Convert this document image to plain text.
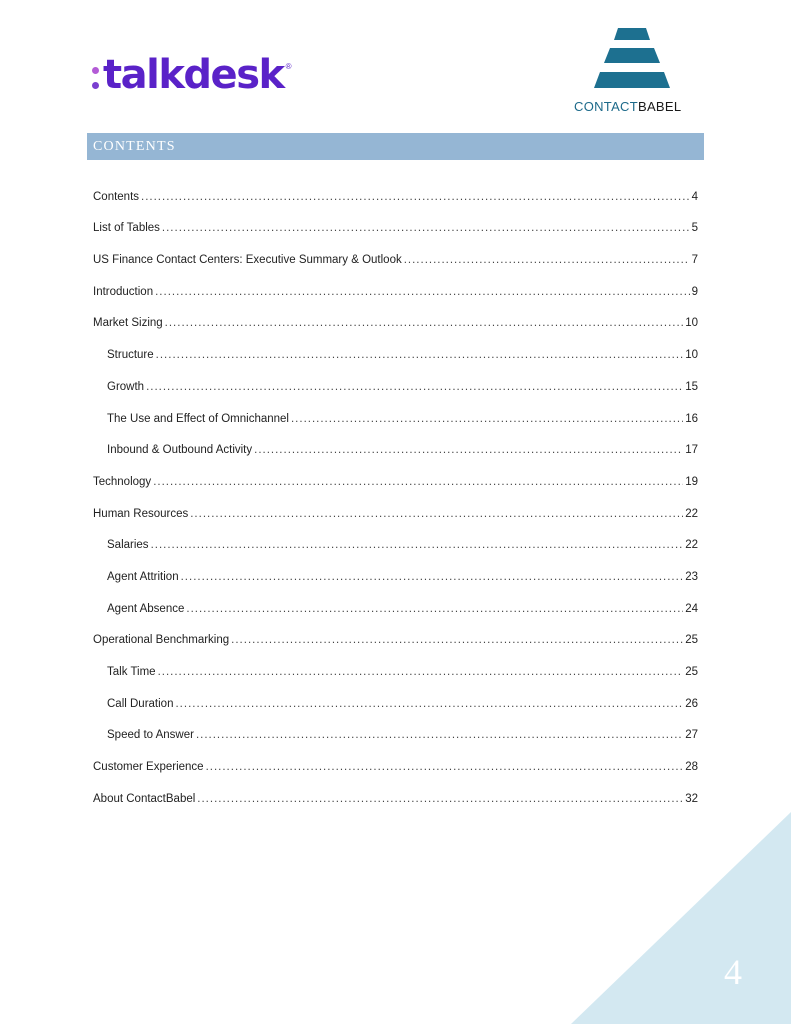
talkdesk ®
CONTACTBABEL
CONTENTS
Contents .....	4
List of Tables .....	5
US Finance Contact Centers: Executive Summary & Outlook .....	7
Introduction .....	9
Market Sizing .....	10
Structure .....	10
Growth .....	15
The Use and Effect of Omnichannel .....	16
Inbound & Outbound Activity .....	17
Technology .....	19
Human Resources .....	22
Salaries .....	22
Agent Attrition .....	23
Agent Absence .....	24
Operational Benchmarking .....	25
Talk Time .....	25
Call Duration .....	26
Speed to Answer .....	27
Customer Experience .....	28
About ContactBabel .....	32
4
